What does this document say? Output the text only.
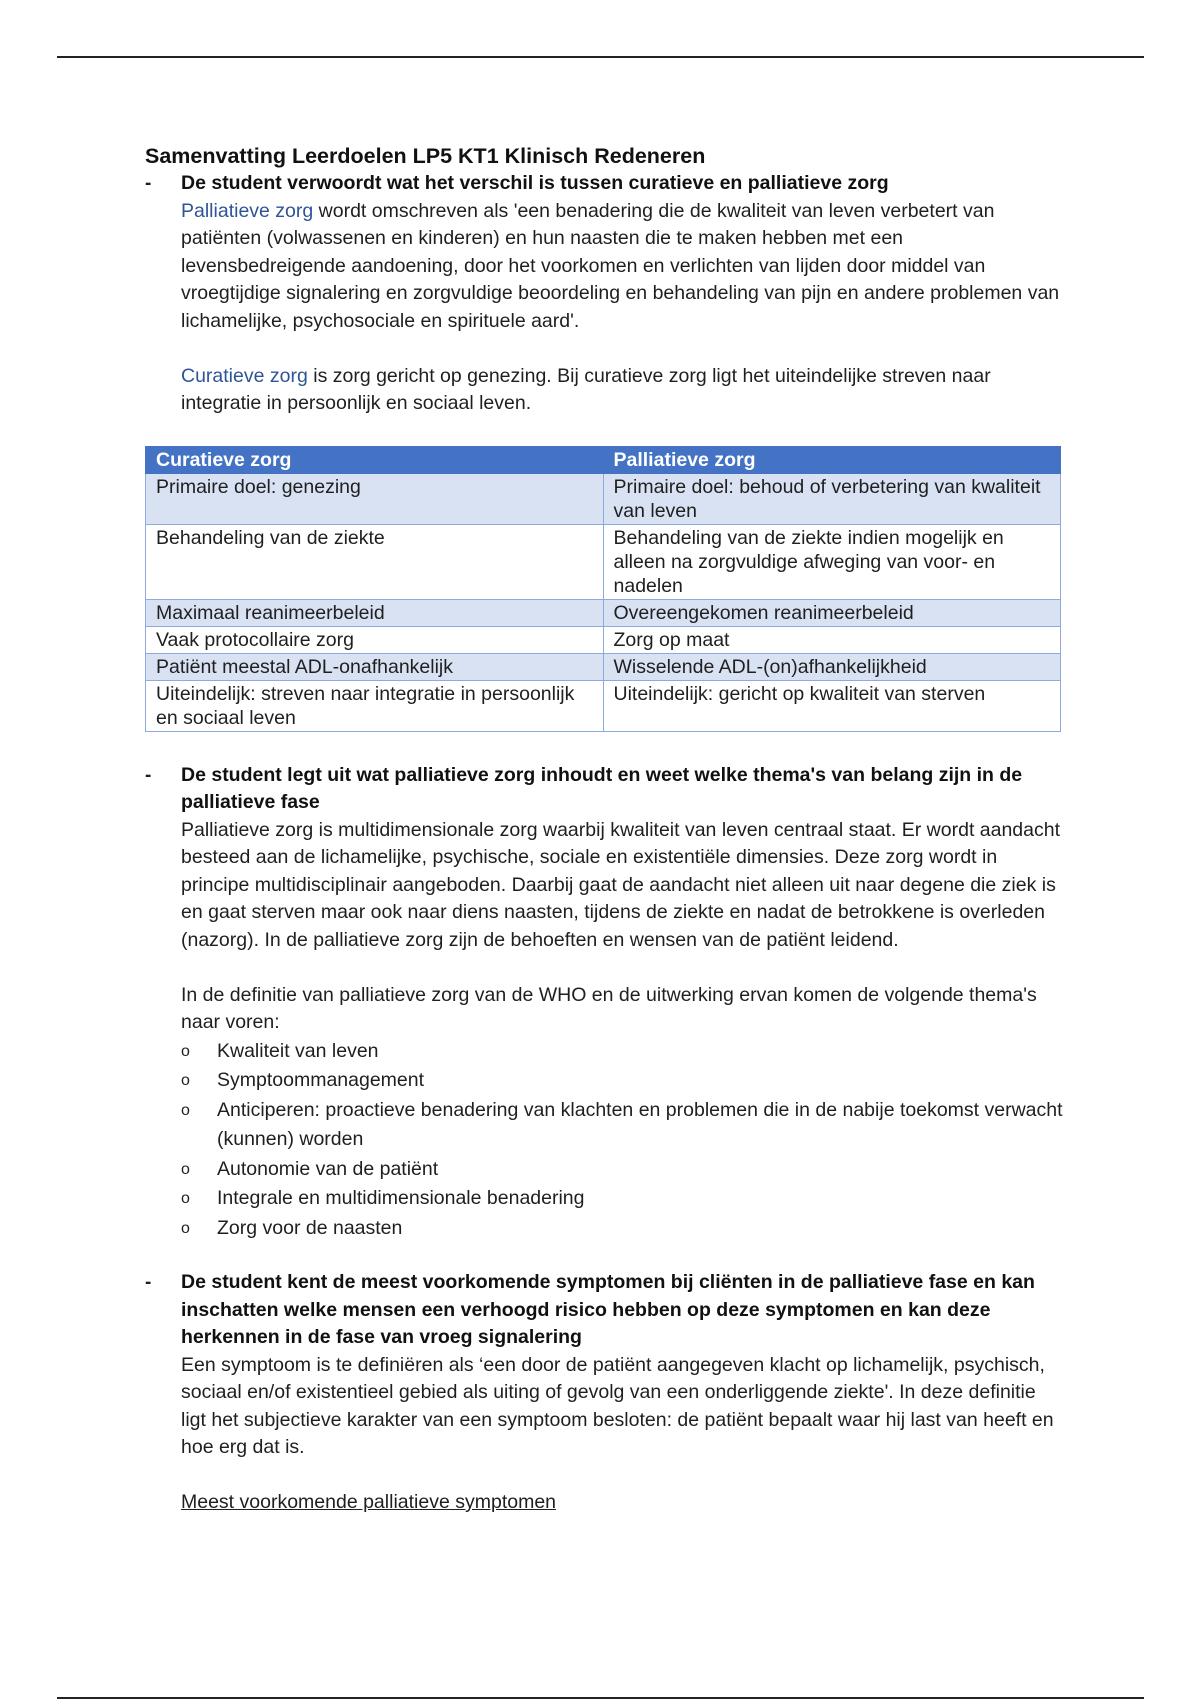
Samenvatting Leerdoelen LP5 KT1 Klinisch Redeneren
-	De student verwoordt wat het verschil is tussen curatieve en palliatieve zorg

Palliatieve zorg wordt omschreven als 'een benadering die de kwaliteit van leven verbetert van patiënten (volwassenen en kinderen) en hun naasten die te maken hebben met een levensbedreigende aandoening, door het voorkomen en verlichten van lijden door middel van vroegtijdige signalering en zorgvuldige beoordeling en behandeling van pijn en andere problemen van lichamelijke, psychosociale en spirituele aard'.

Curatieve zorg is zorg gericht op genezing. Bij curatieve zorg ligt het uiteindelijke streven naar integratie in persoonlijk en sociaal leven.

Curatieve zorg	Palliatieve zorg
Primaire doel: genezing	Primaire doel: behoud of verbetering van kwaliteit van leven
Behandeling van de ziekte	Behandeling van de ziekte indien mogelijk en alleen na zorgvuldige afweging van voor- en nadelen
Maximaal reanimeerbeleid	Overeengekomen reanimeerbeleid
Vaak protocollaire zorg	Zorg op maat
Patiënt meestal ADL-onafhankelijk	Wisselende ADL-(on)afhankelijkheid
Uiteindelijk: streven naar integratie in persoonlijk en sociaal leven	Uiteindelijk: gericht op kwaliteit van sterven
-	De student legt uit wat palliatieve zorg inhoudt en weet welke thema's van belang zijn in de palliatieve fase

Palliatieve zorg is multidimensionale zorg waarbij kwaliteit van leven centraal staat. Er wordt aandacht besteed aan de lichamelijke, psychische, sociale en existentiële dimensies. Deze zorg wordt in principe multidisciplinair aangeboden. Daarbij gaat de aandacht niet alleen uit naar degene die ziek is en gaat sterven maar ook naar diens naasten, tijdens de ziekte en nadat de betrokkene is overleden (nazorg). In de palliatieve zorg zijn de behoeften en wensen van de patiënt leidend.

In de definitie van palliatieve zorg van de WHO en de uitwerking ervan komen de volgende thema's naar voren:

o Kwaliteit van leven
o Symptoommanagement
o Anticiperen: proactieve benadering van klachten en problemen die in de nabije toekomst verwacht (kunnen) worden
o Autonomie van de patiënt
o Integrale en multidimensionale benadering
o Zorg voor de naasten
-	De student kent de meest voorkomende symptomen bij cliënten in de palliatieve fase en kan inschatten welke mensen een verhoogd risico hebben op deze symptomen en kan deze herkennen in de fase van vroeg signalering

Een symptoom is te definiëren als ‘een door de patiënt aangegeven klacht op lichamelijk, psychisch, sociaal en/of existentieel gebied als uiting of gevolg van een onderliggende ziekte'. In deze definitie ligt het subjectieve karakter van een symptoom besloten: de patiënt bepaalt waar hij last van heeft en hoe erg dat is.

Meest voorkomende palliatieve symptomen
